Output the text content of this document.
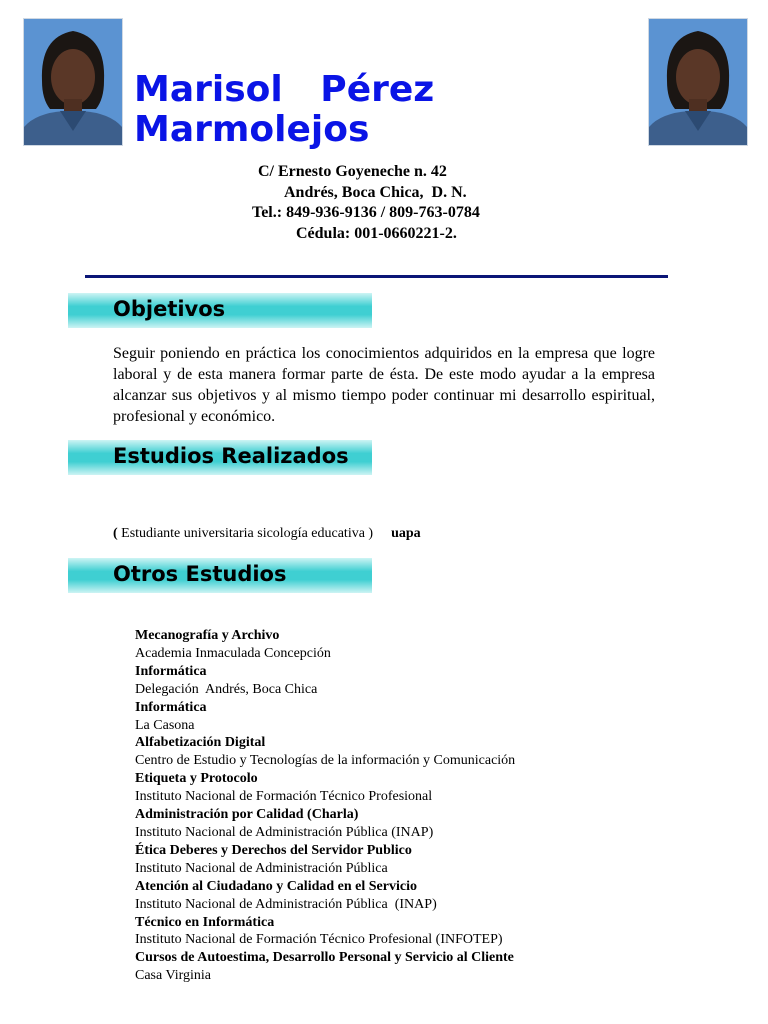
Marisol   Pérez Marmolejos
C/ Ernesto Goyeneche n. 42
Andrés, Boca Chica,  D. N.
Tel.: 849-936-9136 / 809-763-0784
Cédula: 001-0660221-2.
Objetivos
Seguir poniendo en práctica los conocimientos adquiridos en la empresa que logre laboral y de esta manera formar parte de ésta. De este modo ayudar a la empresa alcanzar sus objetivos y al mismo tiempo poder continuar mi desarrollo espiritual, profesional y económico.
Estudios Realizados
( Estudiante universitaria sicología educativa ) uapa
Otros Estudios
Mecanografía y Archivo
Academia Inmaculada Concepción
Informática
Delegación  Andrés, Boca Chica
Informática
La Casona
Alfabetización Digital
Centro de Estudio y Tecnologías de la información y Comunicación
Etiqueta y Protocolo
Instituto Nacional de Formación Técnico Profesional
Administración por Calidad (Charla)
Instituto Nacional de Administración Pública (INAP)
Ética Deberes y Derechos del Servidor Publico
Instituto Nacional de Administración Pública
Atención al Ciudadano y Calidad en el Servicio
Instituto Nacional de Administración Pública  (INAP)
Técnico en Informática
Instituto Nacional de Formación Técnico Profesional (INFOTEP)
Cursos de Autoestima, Desarrollo Personal y Servicio al Cliente
Casa Virginia
